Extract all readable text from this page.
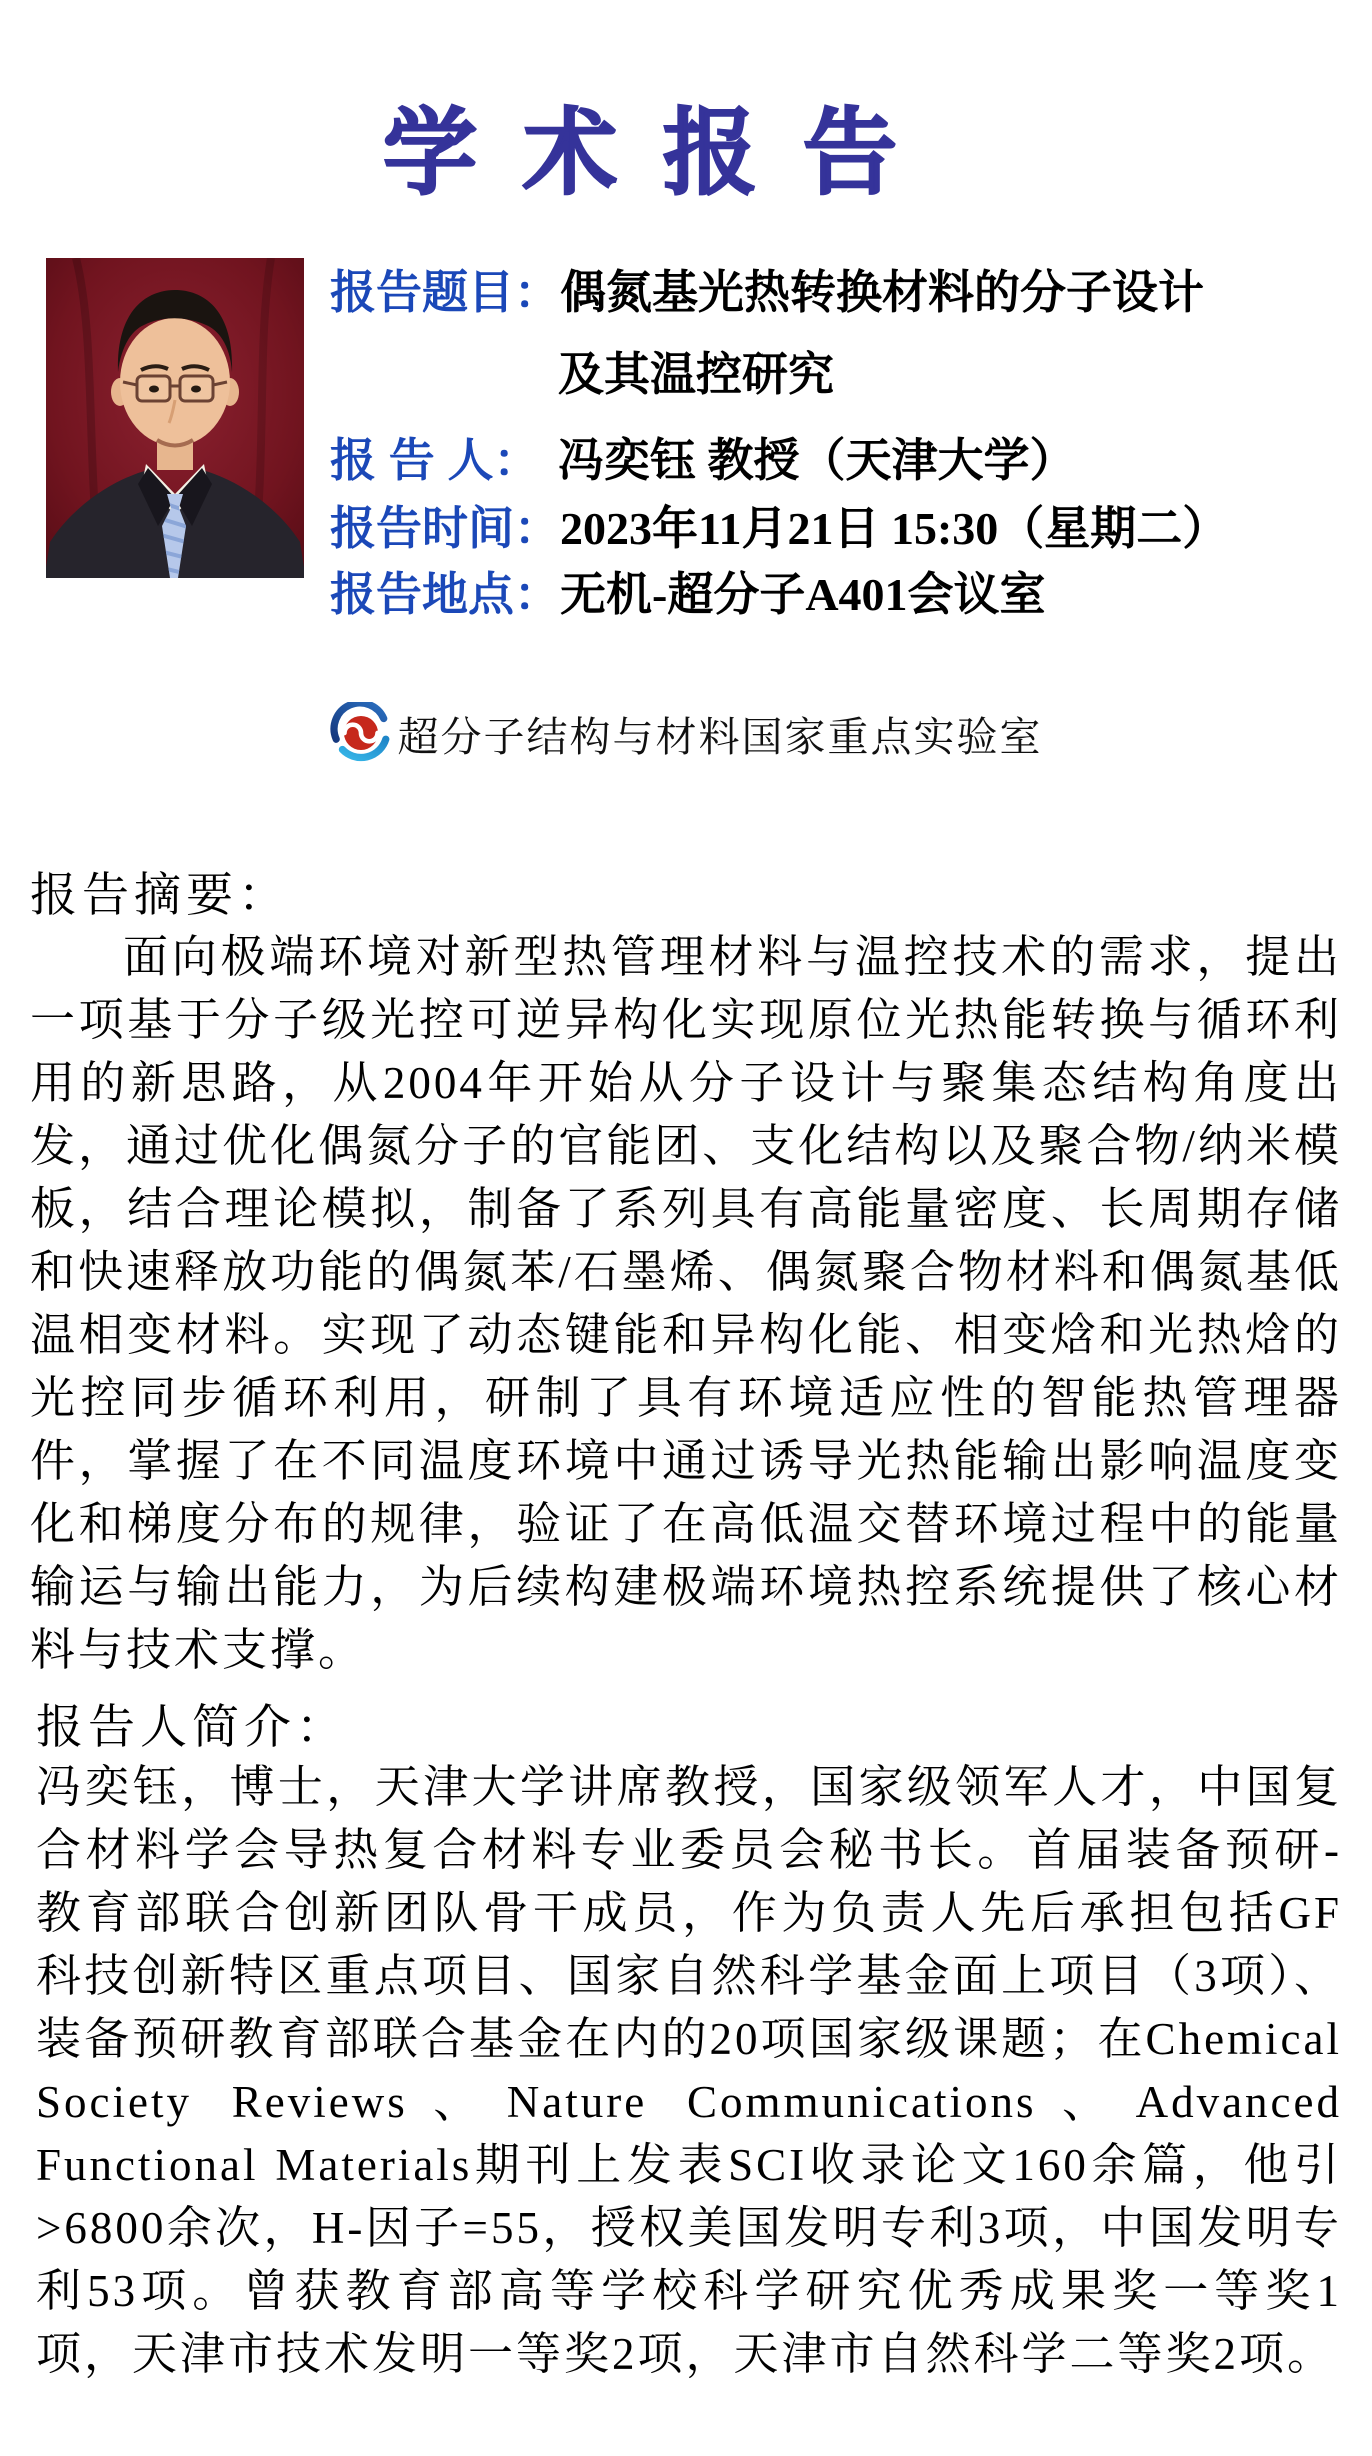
学术报告
报告题目：偶氮基光热转换材料的分子设计
及其温控研究
报 告 人： 冯奕钰 教授（天津大学）
报告时间：2023年11月21日 15:30（星期二）
报告地点：无机-超分子A401会议室
超分子结构与材料国家重点实验室
报告摘要：

面向极端环境对新型热管理材料与温控技术的需求，提出一项基于分子级光控可逆异构化实现原位光热能转换与循环利用的新思路，从2004年开始从分子设计与聚集态结构角度出发，通过优化偶氮分子的官能团、支化结构以及聚合物/纳米模板，结合理论模拟，制备了系列具有高能量密度、长周期存储和快速释放功能的偶氮苯/石墨烯、偶氮聚合物材料和偶氮基低温相变材料。实现了动态键能和异构化能、相变焓和光热焓的光控同步循环利用，研制了具有环境适应性的智能热管理器件，掌握了在不同温度环境中通过诱导光热能输出影响温度变化和梯度分布的规律，验证了在高低温交替环境过程中的能量输运与输出能力，为后续构建极端环境热控系统提供了核心材料与技术支撑。

报告人简介：

冯奕钰，博士，天津大学讲席教授，国家级领军人才，中国复合材料学会导热复合材料专业委员会秘书长。首届装备预研-教育部联合创新团队骨干成员，作为负责人先后承担包括GF科技创新特区重点项目、国家自然科学基金面上项目（3项）、装备预研教育部联合基金在内的20项国家级课题；在Chemical Society Reviews、Nature Communications、Advanced Functional Materials期刊上发表SCI收录论文160余篇，他引>6800余次，H-因子=55，授权美国发明专利3项，中国发明专利53项。曾获教育部高等学校科学研究优秀成果奖一等奖1项，天津市技术发明一等奖2项，天津市自然科学二等奖2项。
